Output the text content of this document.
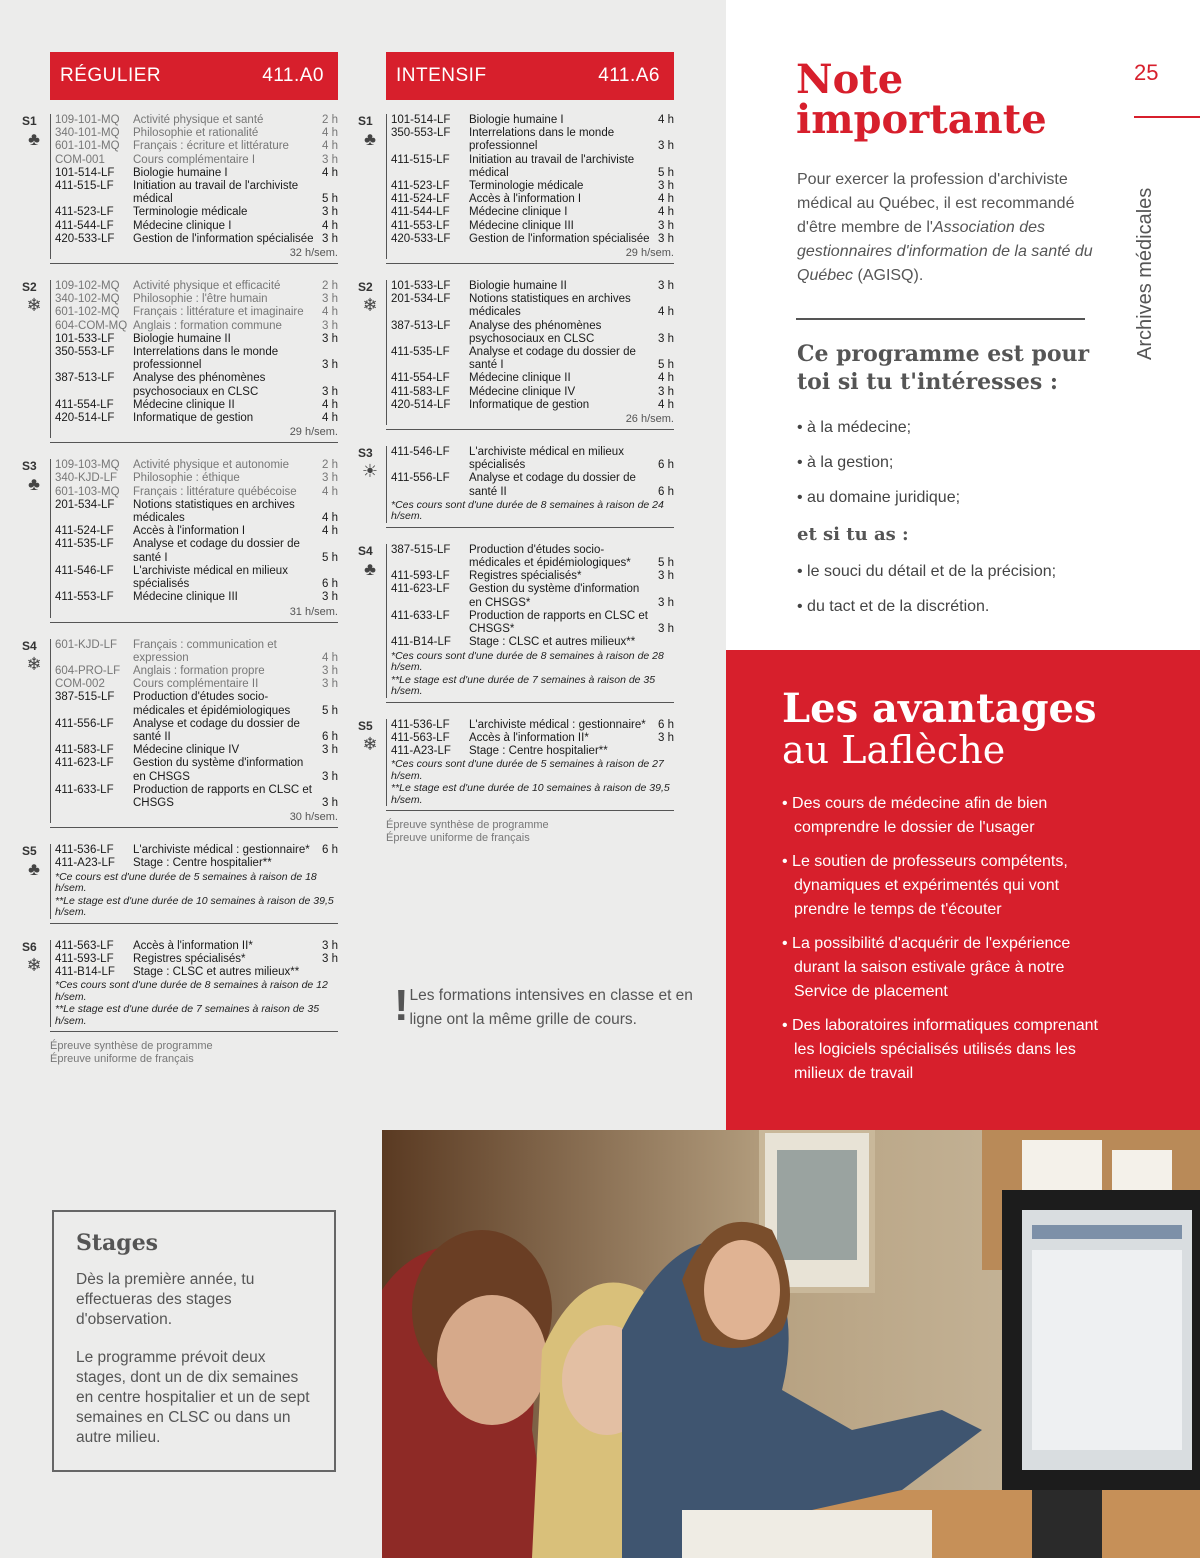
RÉGULIER	411.A0
S1
♣
109-101-MQ	Activité physique et santé	2 h
340-101-MQ	Philosophie et rationalité	4 h
601-101-MQ	Français : écriture et littérature	4 h
COM-001	Cours complémentaire I	3 h
101-514-LF	Biologie humaine I	4 h
411-515-LF	Initiation au travail de l'archiviste médical	5 h
411-523-LF	Terminologie médicale	3 h
411-544-LF	Médecine clinique I	4 h
420-533-LF	Gestion de l'information spécialisée 3 h
32 h/sem.
S2
❄
109-102-MQ	Activité physique et efficacité	2 h
340-102-MQ	Philosophie : l'être humain	3 h
601-102-MQ	Français : littérature et imaginaire	4 h
604-COM-MQ Anglais : formation commune	3 h
101-533-LF	Biologie humaine II	3 h
350-553-LF	Interrelations dans le monde professionnel	3 h
387-513-LF	Analyse des phénomènes psychosociaux en CLSC	3 h
411-554-LF	Médecine clinique II	4 h
420-514-LF	Informatique de gestion	4 h
29 h/sem.
S3
♣
109-103-MQ	Activité physique et autonomie	2 h
340-KJD-LF	Philosophie : éthique	3 h
601-103-MQ	Français : littérature québécoise	4 h
201-534-LF	Notions statistiques en archives médicales	4 h
411-524-LF	Accès à l'information I	4 h
411-535-LF	Analyse et codage du dossier de santé I	5 h
411-546-LF	L'archiviste médical en milieux spécialisés	6 h
411-553-LF	Médecine clinique III	3 h
31 h/sem.
S4
❄
601-KJD-LF	Français : communication et expression	4 h
604-PRO-LF	Anglais : formation propre	3 h
COM-002	Cours complémentaire II	3 h
387-515-LF	Production d'études socio-médicales et épidémiologiques	5 h
411-556-LF	Analyse et codage du dossier de santé II	6 h
411-583-LF	Médecine clinique IV	3 h
411-623-LF	Gestion du système d'information en CHSGS	3 h
411-633-LF	Production de rapports en CLSC et CHSGS	3 h
30 h/sem.
S5
♣
411-536-LF	L'archiviste médical : gestionnaire*	6 h
411-A23-LF	Stage : Centre hospitalier**
*Ce cours est d'une durée de 5 semaines à raison de 18 h/sem.
**Le stage est d'une durée de 10 semaines à raison de 39,5 h/sem.
S6
❄
411-563-LF	Accès à l'information II*	3 h
411-593-LF	Registres spécialisés*	3 h
411-B14-LF	Stage : CLSC et autres milieux**
*Ces cours sont d'une durée de 8 semaines à raison de 12 h/sem.
**Le stage est d'une durée de 7 semaines à raison de 35 h/sem.
Épreuve synthèse de programme
Épreuve uniforme de français
INTENSIF	411.A6
S1
♣
101-514-LF	Biologie humaine I	4 h
350-553-LF	Interrelations dans le monde professionnel	3 h
411-515-LF	Initiation au travail de l'archiviste médical	5 h
411-523-LF	Terminologie médicale	3 h
411-524-LF	Accès à l'information I	4 h
411-544-LF	Médecine clinique I	4 h
411-553-LF	Médecine clinique III	3 h
420-533-LF	Gestion de l'information spécialisée 3 h
29 h/sem.
S2
❄
101-533-LF	Biologie humaine II	3 h
201-534-LF	Notions statistiques en archives médicales	4 h
387-513-LF	Analyse des phénomènes psychosociaux en CLSC	3 h
411-535-LF	Analyse et codage du dossier de santé I	5 h
411-554-LF	Médecine clinique II	4 h
411-583-LF	Médecine clinique IV	3 h
420-514-LF	Informatique de gestion	4 h
26 h/sem.
S3
☀
411-546-LF	L'archiviste médical en milieux spécialisés	6 h
411-556-LF	Analyse et codage du dossier de santé II	6 h
*Ces cours sont d'une durée de 8 semaines à raison de 24 h/sem.
S4
♣
387-515-LF	Production d'études socio-médicales et épidémiologiques*	5 h
411-593-LF	Registres spécialisés*	3 h
411-623-LF	Gestion du système d'information en CHSGS*	3 h
411-633-LF	Production de rapports en CLSC et CHSGS*	3 h
411-B14-LF	Stage : CLSC et autres milieux**
*Ces cours sont d'une durée de 8 semaines à raison de 28 h/sem.
**Le stage est d'une durée de 7 semaines à raison de 35 h/sem.
S5
❄
411-536-LF	L'archiviste médical : gestionnaire*	6 h
411-563-LF	Accès à l'information II*	3 h
411-A23-LF	Stage : Centre hospitalier**
*Ces cours sont d'une durée de 5 semaines à raison de 27 h/sem.
**Le stage est d'une durée de 10 semaines à raison de 39,5 h/sem.
Épreuve synthèse de programme
Épreuve uniforme de français
! Les formations intensives en classe et en ligne ont la même grille de cours.
Stages

Dès la première année, tu effectueras des stages d'observation.

Le programme prévoit deux stages, dont un de dix semaines en centre hospitalier et un de sept semaines en CLSC ou dans un autre milieu.

25
Archives médicales
Note
importante
Pour exercer la profession d'archiviste médical au Québec, il est recommandé d'être membre de l'Association des gestionnaires d'information de la santé du Québec (AGISQ).
Ce programme est pour toi si tu t'intéresses :
• à la médecine;
• à la gestion;
• au domaine juridique;
et si tu as :
• le souci du détail et de la précision;
• du tact et de la discrétion.
Les avantages
au Laflèche
• Des cours de médecine afin de bien comprendre le dossier de l'usager
• Le soutien de professeurs compétents, dynamiques et expérimentés qui vont prendre le temps de t'écouter
• La possibilité d'acquérir de l'expérience durant la saison estivale grâce à notre Service de placement
• Des laboratoires informatiques comprenant les logiciels spécialisés utilisés dans les milieux de travail
